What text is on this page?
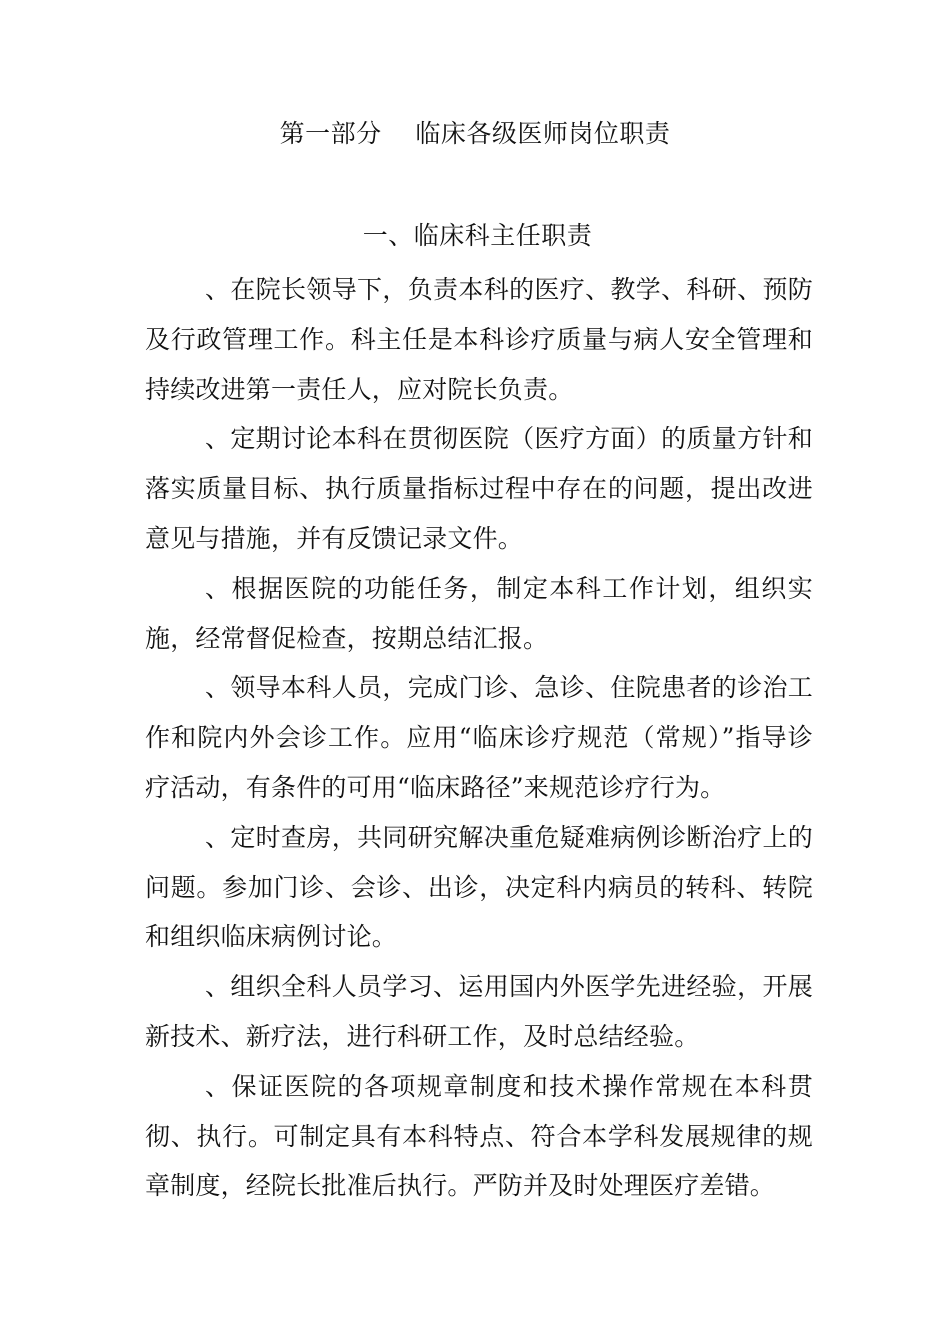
第一部分    临床各级医师岗位职责
一、临床科主任职责

、在院长领导下，负责本科的医疗、教学、科研、预防及行政管理工作。科主任是本科诊疗质量与病人安全管理和持续改进第一责任人，应对院长负责。

、定期讨论本科在贯彻医院（医疗方面）的质量方针和落实质量目标、执行质量指标过程中存在的问题，提出改进意见与措施，并有反馈记录文件。

、根据医院的功能任务，制定本科工作计划，组织实施，经常督促检查，按期总结汇报。

、领导本科人员，完成门诊、急诊、住院患者的诊治工作和院内外会诊工作。应用“临床诊疗规范（常规）”指导诊疗活动，有条件的可用“临床路径”来规范诊疗行为。

、定时查房，共同研究解决重危疑难病例诊断治疗上的问题。参加门诊、会诊、出诊，决定科内病员的转科、转院和组织临床病例讨论。

、组织全科人员学习、运用国内外医学先进经验，开展新技术、新疗法，进行科研工作，及时总结经验。

、保证医院的各项规章制度和技术操作常规在本科贯彻、执行。可制定具有本科特点、符合本学科发展规律的规章制度，经院长批准后执行。严防并及时处理医疗差错。
